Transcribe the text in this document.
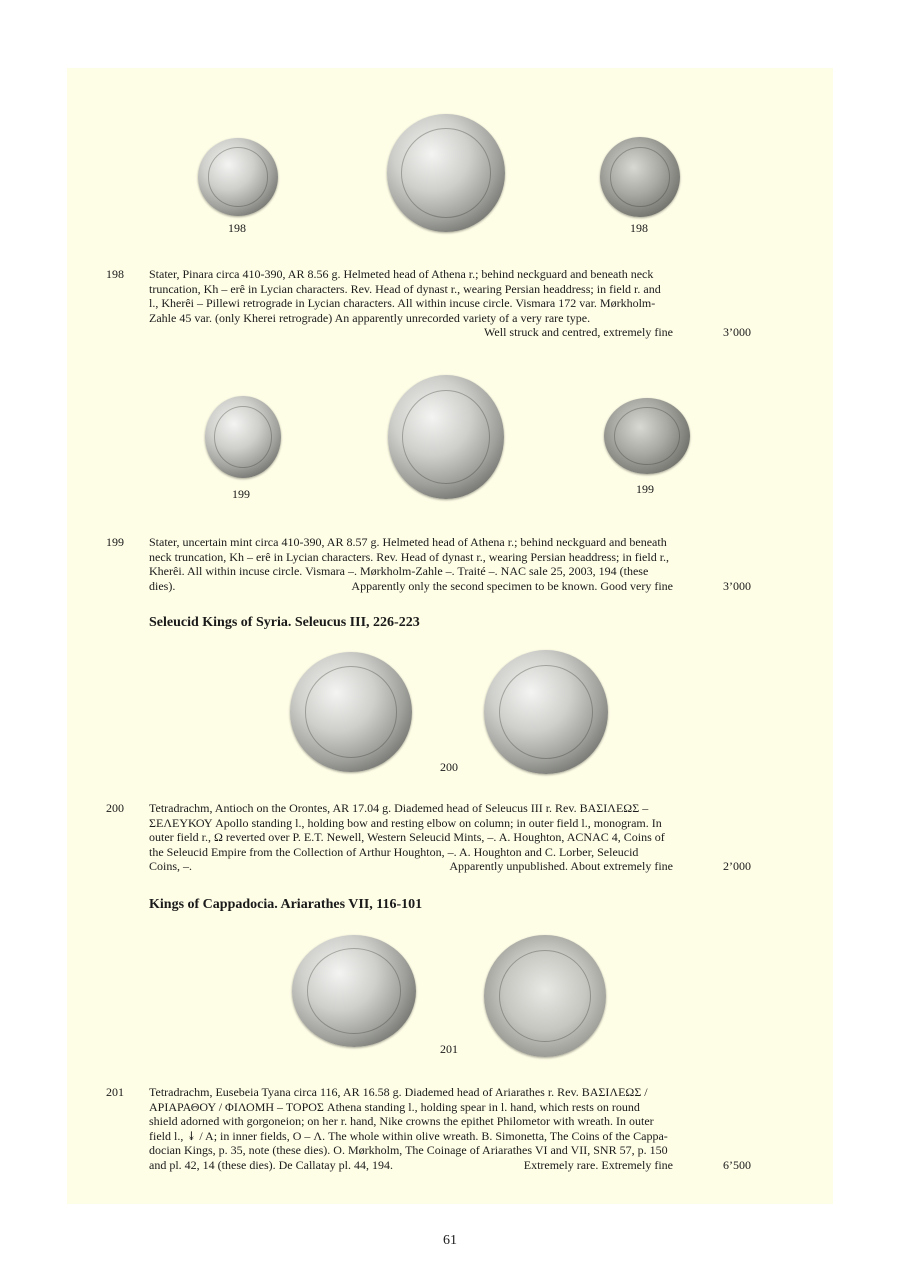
198	198
198 Stater, Pinara circa 410-390, AR 8.56 g. Helmeted head of Athena r.; behind neckguard and beneath neck
truncation, Kh – erê in Lycian characters. Rev. Head of dynast r., wearing Persian headdress; in field r. and
l., Kherêi – Pillewi retrograde in Lycian characters. All within incuse circle. Vismara 172 var. Mørkholm-
Zahle 45 var. (only Kherei retrograde) An apparently unrecorded variety of a very rare type.
Well struck and centred, extremely fine	3’000
199	199
199 Stater, uncertain mint circa 410-390, AR 8.57 g. Helmeted head of Athena r.; behind neckguard and beneath
neck truncation, Kh – erê in Lycian characters. Rev. Head of dynast r., wearing Persian headdress; in field r.,
Kherêi. All within incuse circle. Vismara –. Mørkholm-Zahle –. Traité –. NAC sale 25, 2003, 194 (these
dies).	Apparently only the second specimen to be known. Good very fine	3’000
Seleucid Kings of Syria. Seleucus III, 226-223
200
200 Tetradrachm, Antioch on the Orontes, AR 17.04 g. Diademed head of Seleucus III r. Rev. ΒΑΣΙΛΕΩΣ –
ΣΕΛΕΥΚΟΥ Apollo standing l., holding bow and resting elbow on column; in outer field l., monogram. In
outer field r., Ω reverted over P. E.T. Newell, Western Seleucid Mints, –. A. Houghton, ACNAC 4, Coins of
the Seleucid Empire from the Collection of Arthur Houghton, –. A. Houghton and C. Lorber, Seleucid
Coins, –.	Apparently unpublished. About extremely fine	2’000
Kings of Cappadocia. Ariarathes VII, 116-101
201
201 Tetradrachm, Eusebeia Tyana circa 116, AR 16.58 g. Diademed head of Ariarathes r. Rev. ΒΑΣΙΛΕΩΣ /
ΑΡΙΑΡΑΘΟΥ / ΦΙΛΟΜΗ – ΤΟΡΟΣ Athena standing l., holding spear in l. hand, which rests on round
shield adorned with gorgoneion; on her r. hand, Nike crowns the epithet Philometor with wreath. In outer
field l., ↡ / A; in inner fields, O – Λ. The whole within olive wreath. B. Simonetta, The Coins of the Cappa-
docian Kings, p. 35, note (these dies). O. Mørkholm, The Coinage of Ariarathes VI and VII, SNR 57, p. 150
and pl. 42, 14 (these dies). De Callatay pl. 44, 194.	Extremely rare. Extremely fine	6’500
61
